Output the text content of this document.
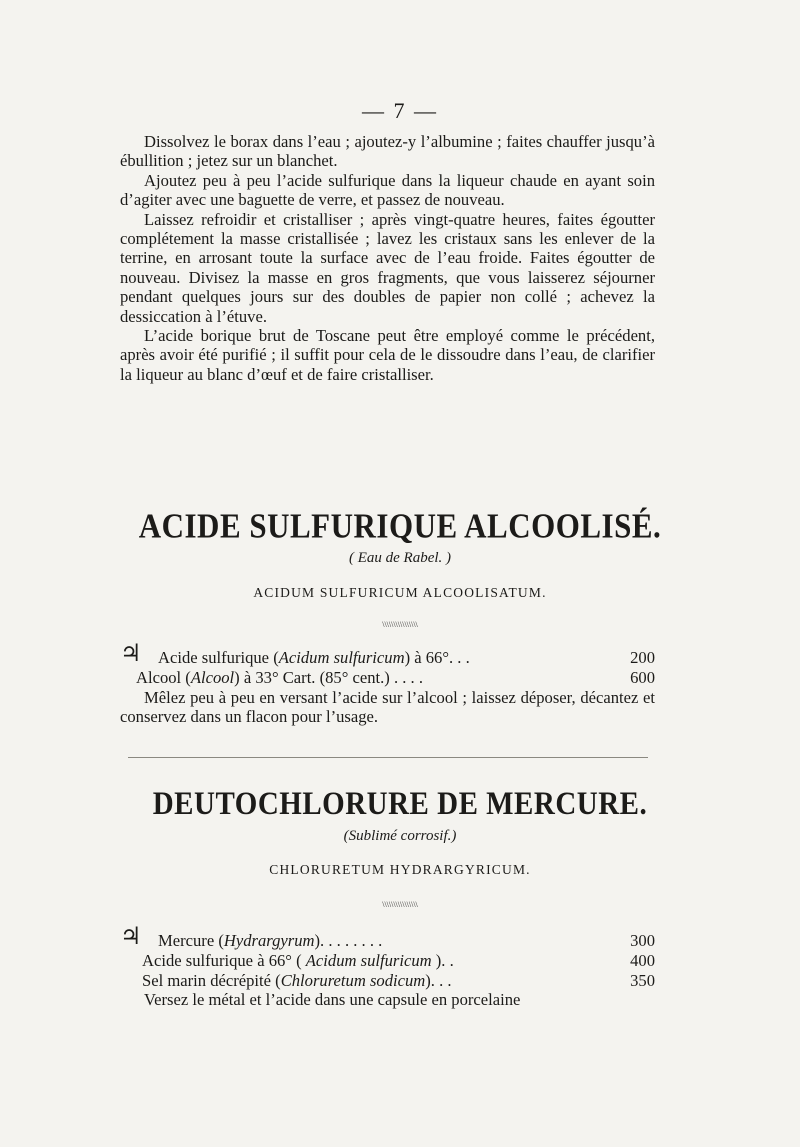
— 7 —

Dissolvez le borax dans l’eau ; ajoutez-y l’albumine ; faites chauffer jusqu’à ébullition ; jetez sur un blanchet.

Ajoutez peu à peu l’acide sulfurique dans la liqueur chaude en ayant soin d’agiter avec une baguette de verre, et passez de nouveau.

Laissez refroidir et cristalliser ; après vingt-quatre heures, faites égoutter complétement la masse cristallisée ; lavez les cristaux sans les enlever de la terrine, en arrosant toute la surface avec de l’eau froide. Faites égoutter de nouveau. Divisez la masse en gros fragments, que vous laisserez séjourner pendant quelques jours sur des doubles de papier non collé ; achevez la dessiccation à l’étuve.

L’acide borique brut de Toscane peut être employé comme le précédent, après avoir été purifié ; il suffit pour cela de le dissoudre dans l’eau, de clarifier la liqueur au blanc d’œuf et de faire cristalliser.

ACIDE SULFURIQUE ALCOOLISÉ.
( Eau de Rabel. )
ACIDUM SULFURICUM ALCOOLISATUM.
\\\\\\\\\\\\\\\\
♃ Acide sulfurique (Acidum sulfuricum) à 66°. . .	200
Alcool (Alcool) à 33° Cart. (85° cent.) . . . .	600

Mêlez peu à peu en versant l’acide sur l’alcool ; laissez déposer, décantez et conservez dans un flacon pour l’usage.

DEUTOCHLORURE DE MERCURE.
(Sublimé corrosif.)
CHLORURETUM HYDRARGYRICUM.
\\\\\\\\\\\\\\\\
♃ Mercure (Hydrargyrum). . . . . . . .	300
Acide sulfurique à 66° ( Acidum sulfuricum ). .	400
Sel marin décrépité (Chloruretum sodicum). . .	350

Versez le métal et l’acide dans une capsule en porcelaine
